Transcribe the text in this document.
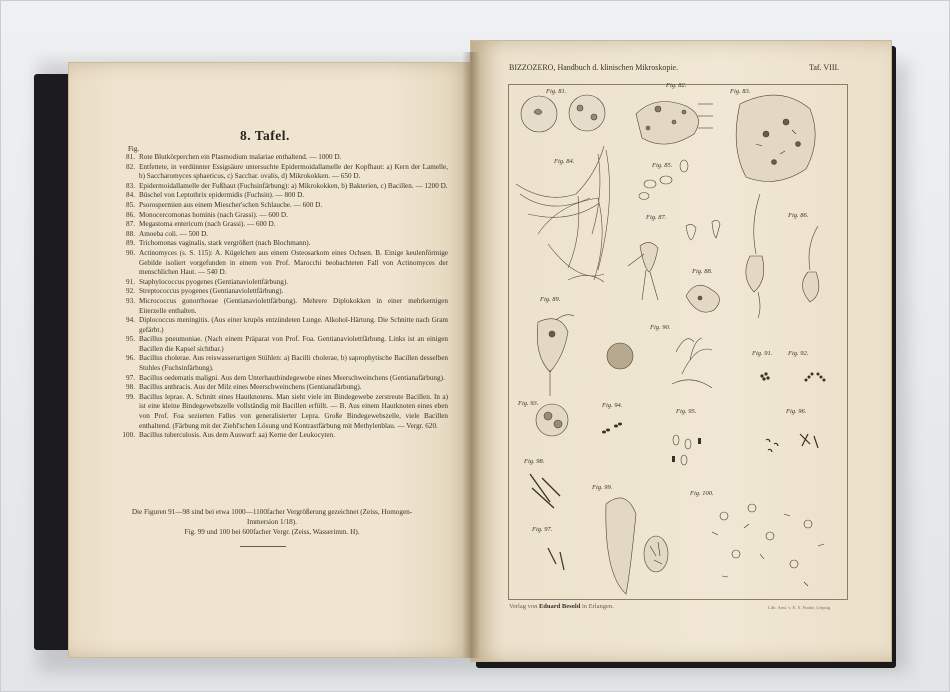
8. Tafel.
Fig.
81. Rote Blutkörperchen ein Plasmodium malariae enthaltend. — 1000 D.
82. Entfettete, in verdünnter Essigsäure untersuchte Epidermoidallamelle der Kopfhaut: a) Kern der Lamelle, b) Saccharomyces sphaericus, c) Sacchar. ovalis, d) Mikrokokken. — 650 D.
83. Epidermoidallamelle der Fußhaut (Fuchsinfärbung): a) Mikrokokken, b) Bakterien, c) Bacillen. — 1200 D.
84. Büschel von Leptothrix epidermidis (Fuchsin). — 800 D.
85. Psorospermien aus einem Miescher'schen Schlauche. — 600 D.
86. Monocercomonas hominis (nach Grassi). — 600 D.
87. Megastoma entericum (nach Grassi). — 600 D.
88. Amoeba coli. — 500 D.
89. Trichomonas vaginalis, stark vergrößert (nach Blochmann).
90. Actinomyces (s. S. 115): A. Kügelchen aus einem Osteosarkom eines Ochsen. B. Einige keulenförmige Gebilde isoliert vorgefunden in einem von Prof. Marocchi beobachteten Fall von Actinomyces der menschlichen Haut. — 540 D.
91. Staphylococcus pyogenes (Gentianaviolettfärbung).
92. Streptococcus pyogenes (Gentianaviolettfärbung).
93. Micrococcus gonorrhoeae (Gentianaviolettfärbung). Mehrere Diplokokken in einer mehrkernigen Eiterzelle enthalten.
94. Diplococcus meningitis. (Aus einer krupös entzündeten Lunge. Alkohol-Härtung. Die Schnitte nach Gram gefärbt.)
95. Bacillus pneumoniae. (Nach einem Präparat von Prof. Foa. Gentianaviolettfärbung. Links ist an einigen Bacillen die Kapsel sichtbar.)
96. Bacillus cholerae. Aus reiswasserartigen Stühlen: a) Bacilli cholerae, b) saprophytische Bacillen desselben Stuhles (Fuchsinfärbung).
97. Bacillus oedematis maligni. Aus dem Unterhautbindegewebe eines Meerschweinchens (Gentianafärbung).
98. Bacillus anthracis. Aus der Milz eines Meerschweinchens (Gentianafärbung).
99. Bacillus leprae. A. Schnitt eines Hautknotens. Man sieht viele im Bindegewebe zerstreute Bacillen. In a) ist eine kleine Bindegewebszelle vollständig mit Bacillen erfüllt. — B. Aus einem Hautknoten eines eben von Prof. Foa sezierten Falles von generalisierter Lepra. Große Bindegewebszelle, viele Bacillen enthaltend. (Färbung mit der Ziehl'schen Lösung und Kontrastfärbung mit Methylenblau. — Vergr. 620.
100. Bacillus tuberculosis. Aus dem Auswurf: aa) Kerne der Leukocyten.
Die Figuren 91—98 sind bei etwa 1000—1100facher Vergrößerung gezeichnet (Zeiss, Homogen-Immersion 1/18).
Fig. 99 und 100 bei 600facher Vergr. (Zeiss, Wasserimm. H).
BIZZOZERO, Handbuch d. klinischen Mikroskopie.	Taf. VIII.
Fig. 81.
Fig. 82.
Fig. 83.
Fig. 84.
Fig. 85.
Fig. 86.
Fig. 87.
Fig. 88.
Fig. 89.
Fig. 90.
Fig. 91. Fig. 92.
Fig. 93.	Fig. 94.
Fig. 95.	Fig. 96.
Fig. 97.
Fig. 98.
Fig. 99.
Fig. 100.
Verlag von Eduard Besold in Erlangen.	Lith. Anst. v. E. A. Funke, Leipzig.
